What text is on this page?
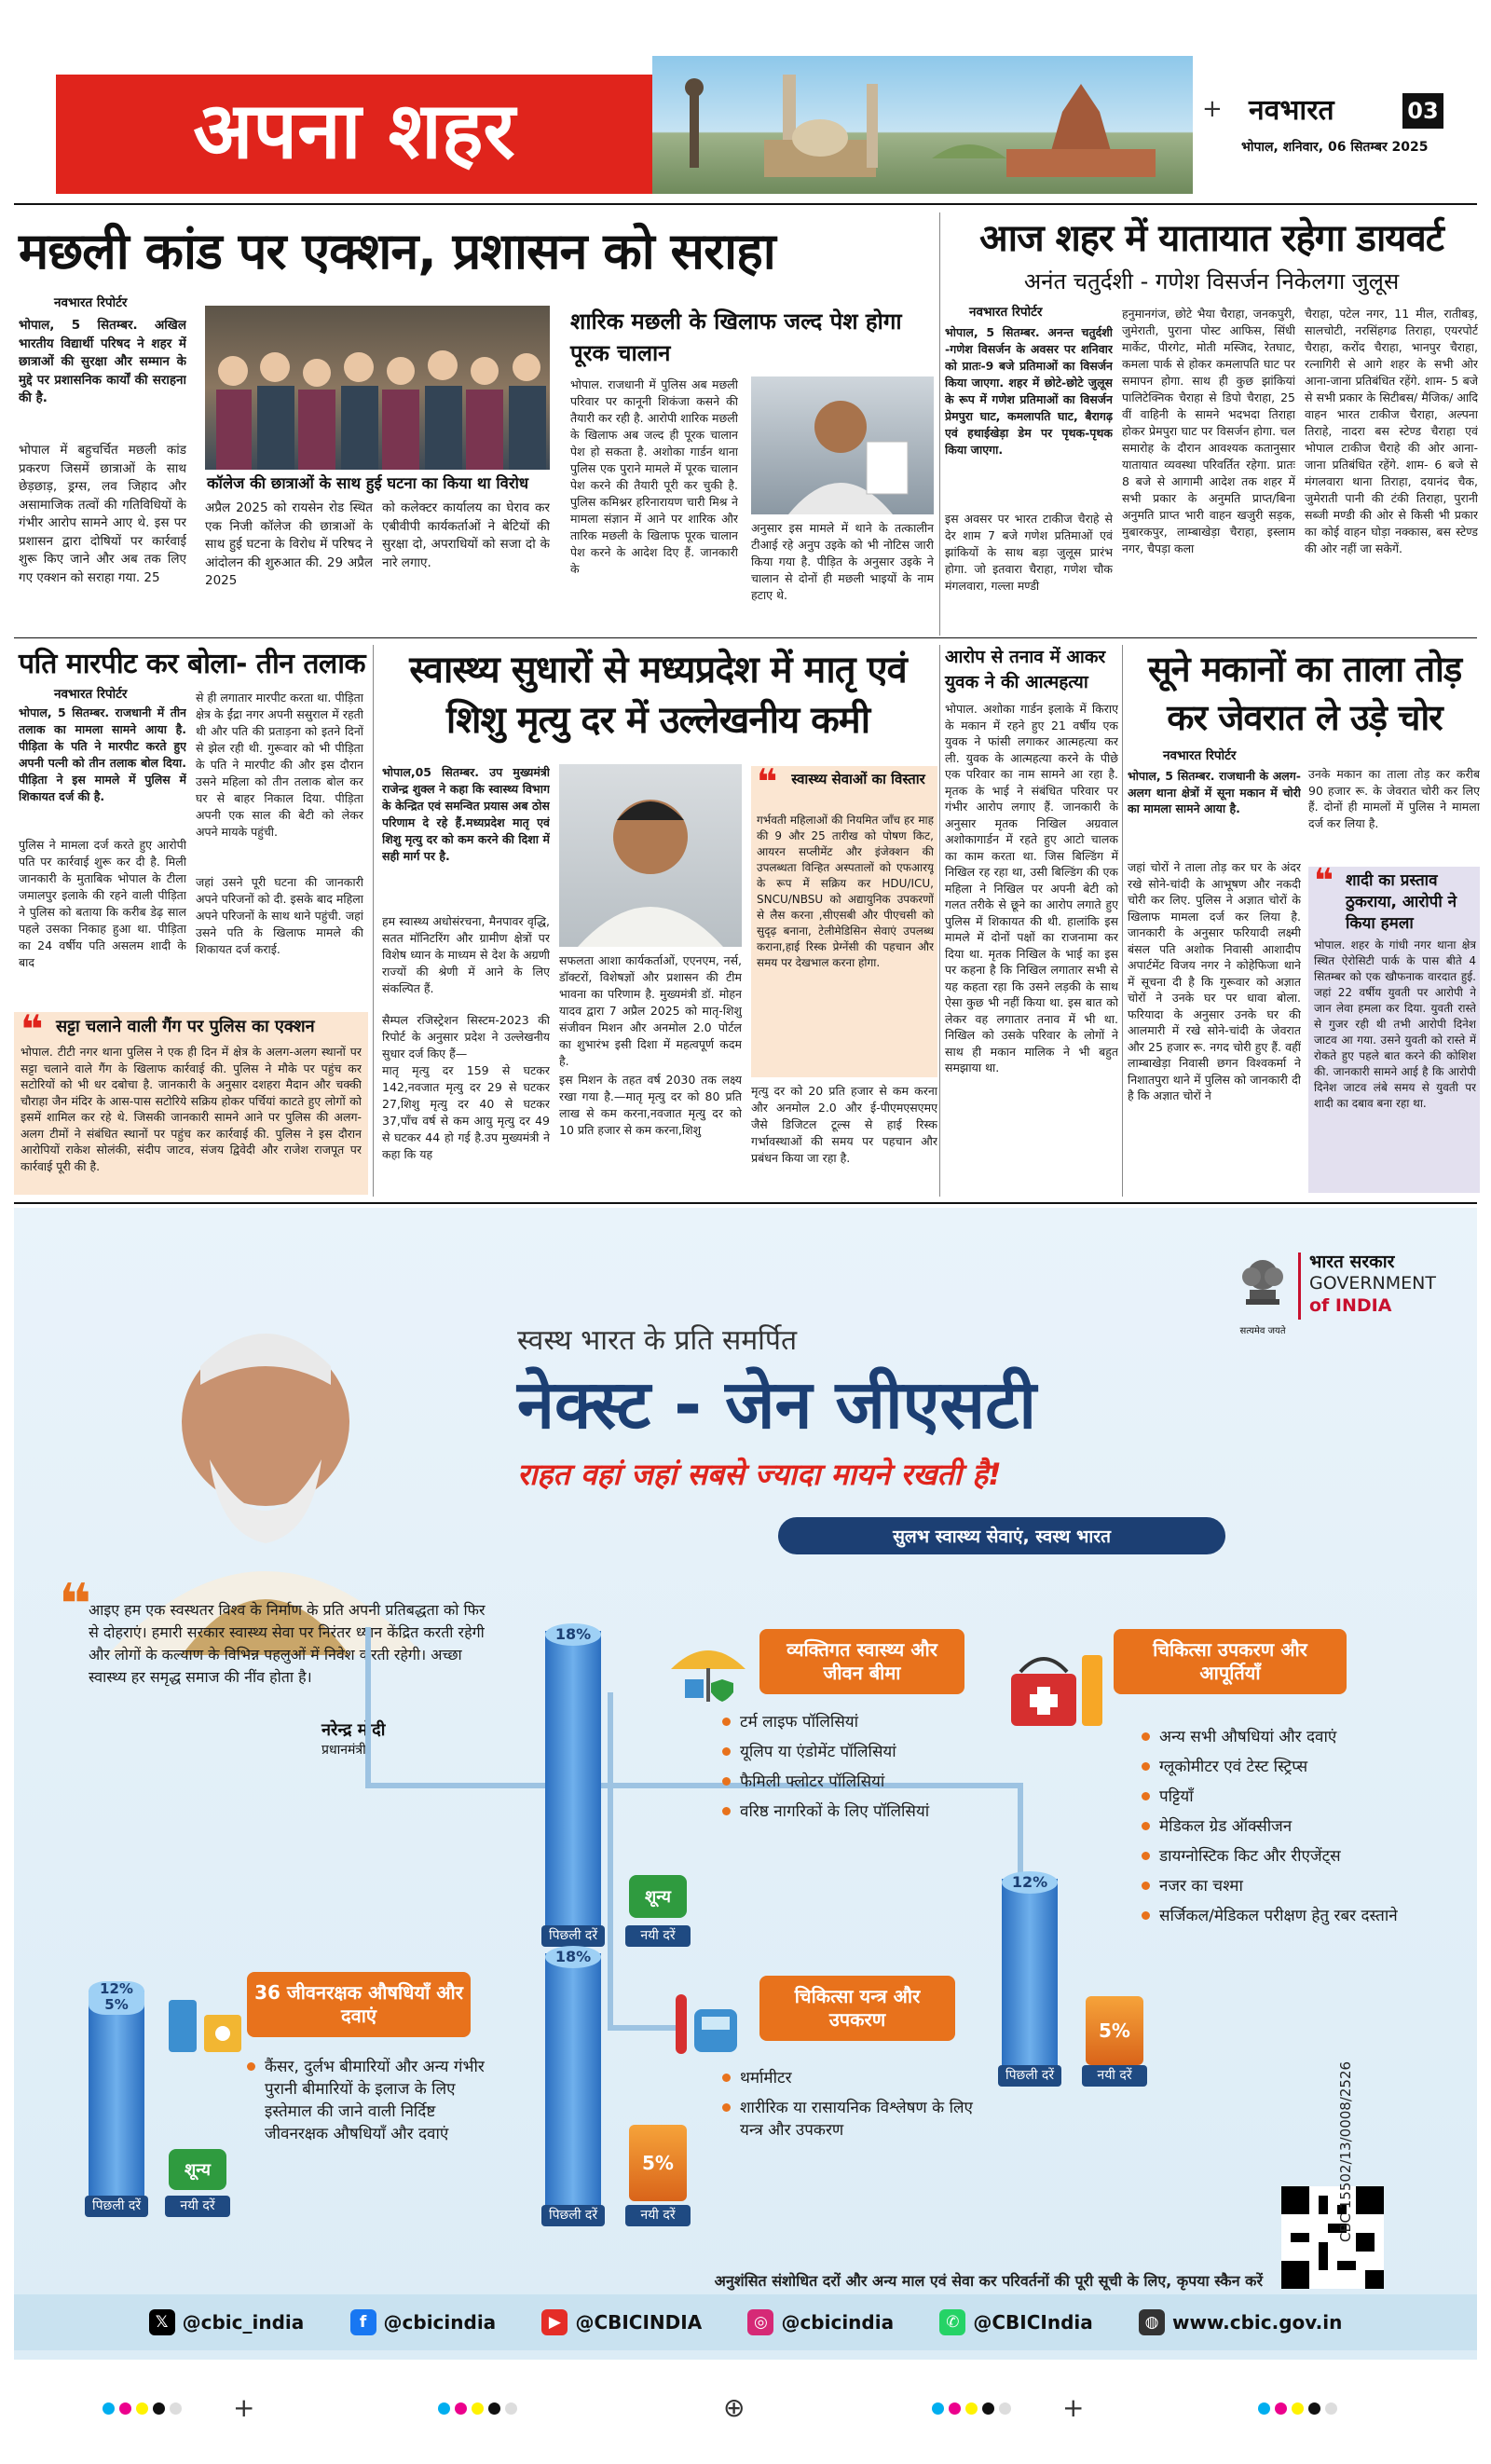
अपना शहर	+ नवभारत	03
भोपाल, शनिवार, 06 सितम्बर 2025
मछली कांड पर एक्शन, प्रशासन को सराहा
नवभारत रिपोर्टर
भोपाल, 5 सितम्बर. अखिल भारतीय विद्यार्थी परिषद ने शहर में छात्राओं की सुरक्षा और सम्मान के मुद्दे पर प्रशासनिक कार्यों की सराहना की है.
भोपाल में बहुचर्चित मछली कांड प्रकरण जिसमें छात्राओं के साथ छेड़छाड़, ड्रग्स, लव जिहाद और असामाजिक तत्वों की गतिविधियों के गंभीर आरोप सामने आए थे. इस पर प्रशासन द्वारा दोषियों पर कार्रवाई शुरू किए जाने और अब तक लिए गए एक्शन को सराहा गया. 25
कॉलेज की छात्राओं के साथ हुई घटना का किया था विरोध
अप्रैल 2025 को रायसेन रोड स्थित एक निजी कॉलेज की छात्राओं के साथ हुई घटना के विरोध में परिषद ने आंदोलन की शुरुआत की. 29 अप्रैल 2025
को कलेक्टर कार्यालय का घेराव कर एबीवीपी कार्यकर्ताओं ने बेटियों की सुरक्षा दो, अपराधियों को सजा दो के नारे लगाए.
शारिक मछली के खिलाफ जल्द पेश होगा पूरक चालान
भोपाल. राजधानी में पुलिस अब मछली परिवार पर कानूनी शिकंजा कसने की तैयारी कर रही है. आरोपी शारिक मछली के खिलाफ अब जल्द ही पूरक चालान पेश हो सकता है. अशोका गार्डन थाना पुलिस एक पुराने मामले में पूरक चालान पेश करने की तैयारी पूरी कर चुकी है. पुलिस कमिश्नर हरिनारायण चारी मिश्र ने मामला संज्ञान में आने पर शारिक और तारिक मछली के खिलाफ पूरक चालान पेश करने के आदेश दिए हैं. जानकारी के
अनुसार इस मामले में थाने के तत्कालीन टीआई रहे अनुप उइके को भी नोटिस जारी किया गया है. पीड़ित के अनुसार उइके ने चालान से दोनों ही मछली भाइयों के नाम हटाए थे.
आज शहर में यातायात रहेगा डायवर्ट
अनंत चतुर्दशी - गणेश विसर्जन निकेलगा जुलूस
नवभारत रिपोर्टर
भोपाल, 5 सितम्बर. अनन्त चतुर्दशी -गणेश विसर्जन के अवसर पर शनिवार को प्रातः-9 बजे प्रतिमाओं का विसर्जन किया जाएगा. शहर में छोटे-छोटे जुलूस के रूप में गणेश प्रतिमाओं का विसर्जन प्रेमपुरा घाट, कमलापति घाट, बैरागढ़ एवं हथाईखेड़ा डेम पर पृथक-पृथक किया जाएगा.
इस अवसर पर भारत टाकीज चैराहे से देर शाम 7 बजे गणेश प्रतिमाओं एवं झांकियों के साथ बड़ा जुलूस प्रारंभ होगा. जो इतवारा चैराहा, गणेश चौक मंगलवारा, गल्ला मण्डी
हनुमानगंज, छोटे भैया चैराहा, जनकपुरी, जुमेराती, पुराना पोस्ट आफिस, सिंधी मार्केट, पीरगेट, मोती मस्जिद, रेतघाट, कमला पार्क से होकर कमलापति घाट पर समापन होगा. साथ ही कुछ झांकियां पालिटेक्निक चैराहा से डिपो चैराहा, 25 वीं वाहिनी के सामने भदभदा तिराहा होकर प्रेमपुरा घाट पर विसर्जन होगा. चल समारोह के दौरान आवश्यक कतानुसार यातायात व्यवस्था परिवर्तित रहेगा. प्रातः 8 बजे से आगामी आदेश तक शहर में सभी प्रकार के अनुमति प्राप्त/बिना अनुमति प्राप्त भारी वाहन खजुरी सड़क, मुबारकपुर, लाम्बाखेड़ा चैराहा, इस्लाम नगर, चैपड़ा कला
चैराहा, पटेल नगर, 11 मील, रातीबड़, सालचोटी, नरसिंहगढ तिराहा, एयरपोर्ट चैराहा, करोंद चैराहा, भानपुर चैराहा, रत्नागिरी से आगे शहर के सभी ओर आना-जाना प्रतिबंधित रहेंगे. शाम- 5 बजे से सभी प्रकार के सिटीबस/ मैजिक/ आदि वाहन भारत टाकीज चैराहा, अल्पना तिराहे, नादरा बस स्टेण्ड चैराहा एवं भोपाल टाकीज चैराहे की ओर आना-जाना प्रतिबंधित रहेंगे. शाम- 6 बजे से मंगलवारा थाना तिराहा, दयानंद चैक, जुमेराती पानी की टंकी तिराहा, पुरानी सब्जी मण्डी की ओर से किसी भी प्रकार का कोई वाहन घोड़ा नक्कास, बस स्टेण्ड की ओर नहीं जा सकेगें.
पति मारपीट कर बोला- तीन तलाक
नवभारत रिपोर्टर
भोपाल, 5 सितम्बर. राजधानी में तीन तलाक का मामला सामने आया है. पीड़िता के पति ने मारपीट करते हुए अपनी पत्नी को तीन तलाक बोल दिया. पीड़िता ने इस मामले में पुलिस में शिकायत दर्ज की है.
पुलिस ने मामला दर्ज करते हुए आरोपी पति पर कार्रवाई शुरू कर दी है. मिली जानकारी के मुताबिक भोपाल के टीला जमालपुर इलाके की रहने वाली पीड़िता ने पुलिस को बताया कि करीब डेढ़ साल पहले उसका निकाह हुआ था. पीड़िता का 24 वर्षीय पति असलम शादी के बाद
से ही लगातार मारपीट करता था. पीड़िता क्षेत्र के ईंद्रा नगर अपनी ससुराल में रहती थी और पति की प्रताड़ना को इतने दिनों से झेल रही थी. गुरूवार को भी पीड़िता के पति ने मारपीट की और इस दौरान उसने महिला को तीन तलाक बोल कर घर से बाहर निकाल दिया. पीड़िता अपनी एक साल की बेटी को लेकर अपने मायके पहुंची.
जहां उसने पूरी घटना की जानकारी अपने परिजनों को दी. इसके बाद महिला अपने परिजनों के साथ थाने पहुंची. जहां उसने पति के खिलाफ मामले की शिकायत दर्ज कराई.
❝ सट्टा चलाने वाली गैंग पर पुलिस का एक्शन
भोपाल. टीटी नगर थाना पुलिस ने एक ही दिन में क्षेत्र के अलग-अलग स्थानों पर सट्टा चलाने वाले गैंग के खिलाफ कार्रवाई की. पुलिस ने मौके पर पहुंच कर सटोरियों को भी धर दबोचा है. जानकारी के अनुसार दशहरा मैदान और चक्की चौराहा जैन मंदिर के आस-पास सटोरिये सक्रिय होकर पर्चियां काटते हुए लोगों को इसमें शामिल कर रहे थे. जिसकी जानकारी सामने आने पर पुलिस की अलग-अलग टीमों ने संबंधित स्थानों पर पहुंच कर कार्रवाई की. पुलिस ने इस दौरान आरोपियों राकेश सोलंकी, संदीप जाटव, संजय द्विवेदी और राजेश राजपूत पर कार्रवाई पूरी की है.
स्वास्थ्य सुधारों से मध्यप्रदेश में मातृ एवं शिशु मृत्यु दर में उल्लेखनीय कमी
भोपाल,05 सितम्बर. उप मुख्यमंत्री राजेन्द्र शुक्ल ने कहा कि स्वास्थ्य विभाग के केन्द्रित एवं समन्वित प्रयास अब ठोस परिणाम दे रहे हैं.मध्यप्रदेश मातृ एवं शिशु मृत्यु दर को कम करने की दिशा में सही मार्ग पर है.
हम स्वास्थ्य अधोसंरचना, मैनपावर वृद्धि, सतत मॉनिटरिंग और ग्रामीण क्षेत्रों पर विशेष ध्यान के माध्यम से देश के अग्रणी राज्यों की श्रेणी में आने के लिए संकल्पित हैं.
सैम्पल रजिस्ट्रेशन सिस्टम-2023 की रिपोर्ट के अनुसार प्रदेश ने उल्लेखनीय सुधार दर्ज किए हैं—
मातृ मृत्यु दर 159 से घटकर 142,नवजात मृत्यु दर 29 से घटकर 27,शिशु मृत्यु दर 40 से घटकर 37,पाँच वर्ष से कम आयु मृत्यु दर 49 से घटकर 44 हो गई है.उप मुख्यमंत्री ने कहा कि यह
सफलता आशा कार्यकर्ताओं, एएनएम, नर्स, डॉक्टरों, विशेषज्ञों और प्रशासन की टीम भावना का परिणाम है. मुख्यमंत्री डॉ. मोहन यादव द्वारा 7 अप्रैल 2025 को मातृ-शिशु संजीवन मिशन और अनमोल 2.0 पोर्टल का शुभारंभ इसी दिशा में महत्वपूर्ण कदम है.
इस मिशन के तहत वर्ष 2030 तक लक्ष्य रखा गया है.—मातृ मृत्यु दर को 80 प्रति लाख से कम करना,नवजात मृत्यु दर को 10 प्रति हजार से कम करना,शिशु
❝ स्वास्थ्य सेवाओं का विस्तार
गर्भवती महिलाओं की नियमित जाँच हर माह की 9 और 25 तारीख को पोषण किट, आयरन सप्लीमेंट और इंजेक्शन की उपलब्धता विन्हित अस्पतालों को एफआरयू के रूप में सक्रिय कर HDU/ICU, SNCU/NBSU को अद्यायुनिक उपकरणों से लैस करना ,सीएसबी और पीएचसी को सुदृढ़ बनाना, टेलीमेडिसिन सेवाएं उपलब्ध कराना,हाई रिस्क प्रेग्नेंसी की पहचान और समय पर देखभाल करना होगा.
मृत्यु दर को 20 प्रति हजार से कम करना और अनमोल 2.0 और ई-पीएमएसएमए जैसे डिजिटल टूल्स से हाई रिस्क गर्भावस्थाओं की समय पर पहचान और प्रबंधन किया जा रहा है.
आरोप से तनाव में आकर युवक ने की आत्महत्या
भोपाल. अशोका गार्डन इलाके में किराए के मकान में रहने हुए 21 वर्षीय एक युवक ने फांसी लगाकर आत्महत्या कर ली. युवक के आत्महत्या करने के पीछे एक परिवार का नाम सामने आ रहा है. मृतक के भाई ने संबंधित परिवार पर गंभीर आरोप लगाए हैं. जानकारी के अनुसार मृतक निखिल अग्रवाल अशोकागार्डन में रहते हुए आटो चालक का काम करता था. जिस बिल्डिंग में निखिल रह रहा था, उसी बिल्डिंग की एक महिला ने निखिल पर अपनी बेटी को गलत तरीके से छूने का आरोप लगाते हुए पुलिस में शिकायत की थी. हालांकि इस मामले में दोनों पक्षों का राजनामा कर दिया था. मृतक निखिल के भाई का इस पर कहना है कि निखिल लगातार सभी से यह कहता रहा कि उसने लड़की के साथ ऐसा कुछ भी नहीं किया था. इस बात को लेकर वह लगातार तनाव में भी था. निखिल को उसके परिवार के लोगों ने साथ ही मकान मालिक ने भी बहुत समझाया था.
सूने मकानों का ताला तोड़ कर जेवरात ले उड़े चोर
नवभारत रिपोर्टर
भोपाल, 5 सितम्बर. राजधानी के अलग-अलग थाना क्षेत्रों में सूना मकान में चोरी का मामला सामने आया है.
जहां चोरों ने ताला तोड़ कर घर के अंदर रखे सोने-चांदी के आभूषण और नकदी चोरी कर लिए. पुलिस ने अज्ञात चोरों के खिलाफ मामला दर्ज कर लिया है. जानकारी के अनुसार फरियादी लक्ष्मी बंसल पति अशोक निवासी आशादीप अपार्टमेंट विजय नगर ने कोहेफिजा थाने में सूचना दी है कि गुरूवार को अज्ञात चोरों ने उनके घर पर धावा बोला. फरियादा के अनुसार उनके घर की आलमारी में रखे सोने-चांदी के जेवरात और 25 हजार रू. नगद चोरी हुए हैं. वहीं लाम्बाखेड़ा निवासी छगन विश्वकर्मा ने निशातपुरा थाने में पुलिस को जानकारी दी है कि अज्ञात चोरों ने
उनके मकान का ताला तोड़ कर करीब 90 हजार रू. के जेवरात चोरी कर लिए हैं. दोनों ही मामलों में पुलिस ने मामला दर्ज कर लिया है.
❝ शादी का प्रस्ताव ठुकराया, आरोपी ने किया हमला
भोपाल. शहर के गांधी नगर थाना क्षेत्र स्थित ऐरोसिटी पार्क के पास बीते 4 सितम्बर को एक खौफनाक वारदात हुई. जहां 22 वर्षीय युवती पर आरोपी ने जान लेवा हमला कर दिया. युवती रास्ते से गुजर रही थी तभी आरोपी दिनेश जाटव आ गया. उसने युवती को रास्ते में रोकते हुए पहले बात करने की कोशिश की. जानकारी सामने आई है कि आरोपी दिनेश जाटव लंबे समय से युवती पर शादी का दबाव बना रहा था.
सत्यमेव जयते
भारत सरकार
GOVERNMENT
of INDIA
स्वस्थ भारत के प्रति समर्पित
नेक्स्ट - जेन जीएसटी
राहत वहां जहां सबसे ज्यादा मायने रखती है!
सुलभ स्वास्थ्य सेवाएं, स्वस्थ भारत
❝
आइए हम एक स्वस्थतर विश्व के निर्माण के प्रति अपनी प्रतिबद्धता को फिर से दोहराएं। हमारी सरकार स्वास्थ्य सेवा पर निरंतर ध्यान केंद्रित करती रहेगी और लोगों के कल्याण के विभिन्न पहलुओं में निवेश करती रहेगी। अच्छा स्वास्थ्य हर समृद्ध समाज की नींव होता है।
नरेन्द्र मोदी
प्रधानमंत्री
18%
पिछली दरें
शून्य
नयी दरें
व्यक्तिगत स्वास्थ्य और जीवन बीमा
टर्म लाइफ पॉलिसियां
यूलिप या एंडोमेंट पॉलिसियां
फैमिली फ्लोटर पॉलिसियां
वरिष्ठ नागरिकों के लिए पॉलिसियां
चिकित्सा उपकरण और आपूर्तियाँ
अन्य सभी औषधियां और दवाएं
ग्लूकोमीटर एवं टेस्ट स्ट्रिप्स
पट्टियाँ
मेडिकल ग्रेड ऑक्सीजन
डायग्नोस्टिक किट और रीएजेंट्स
नजर का चश्मा
सर्जिकल/मेडिकल परीक्षण हेतु रबर दस्ताने
12%
पिछली दरें
5%
नयी दरें
12% 5%
पिछली दरें
शून्य
नयी दरें
36 जीवनरक्षक औषधियाँ और दवाएं
कैंसर, दुर्लभ बीमारियों और अन्य गंभीर पुरानी बीमारियों के इलाज के लिए इस्तेमाल की जाने वाली निर्दिष्ट जीवनरक्षक औषधियाँ और दवाएं
18%
पिछली दरें
5%
नयी दरें
चिकित्सा यन्त्र और उपकरण
थर्मामीटर
शारीरिक या रासायनिक विश्लेषण के लिए यन्त्र और उपकरण	CBC 15502/13/0008/2526
अनुशंसित संशोधित दरों और अन्य माल एवं सेवा कर परिवर्तनों की पूरी सूची के लिए, कृपया स्कैन करें
𝕏 @cbic_india	f @cbicindia	▶ @CBICINDIA	◎ @cbicindia	✆ @CBICIndia	◍ www.cbic.gov.in
+	⊕	+
